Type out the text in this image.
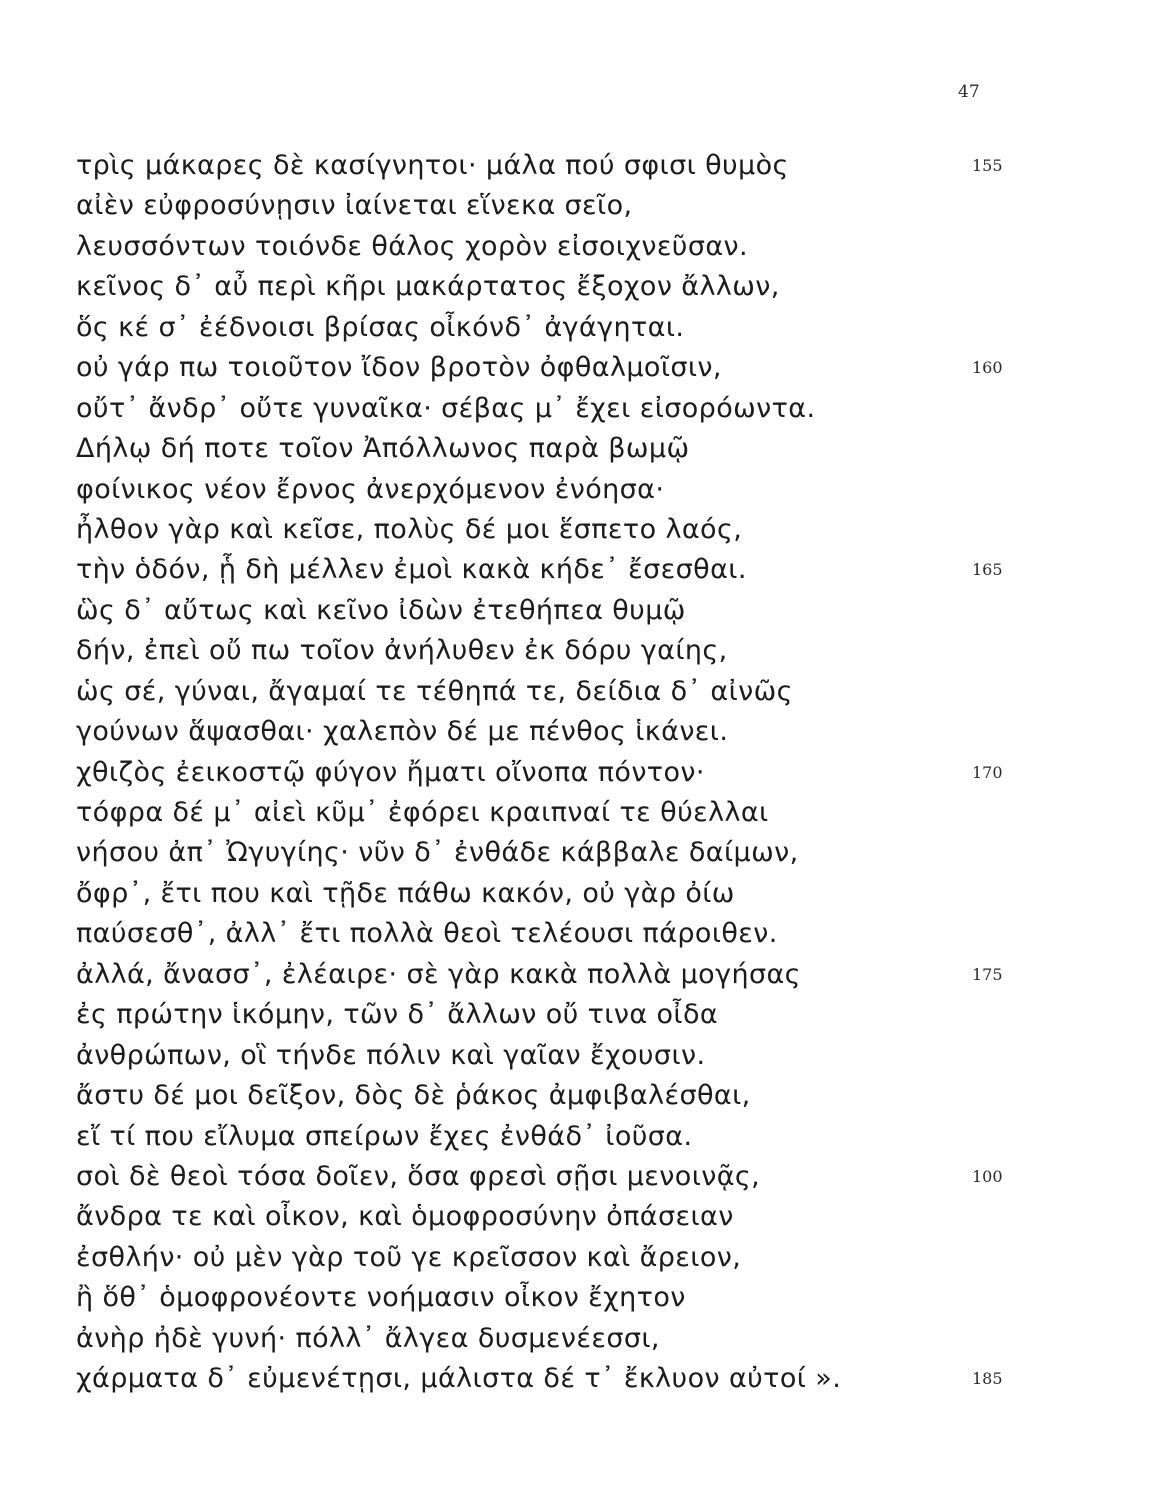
47
τρὶς μάκαρες δὲ κασίγνητοι· μάλα πού σφισι θυμὸς	155
αἰὲν εὐφροσύνῃσιν ἰαίνεται εἵνεκα σεῖο,
λευσσόντων τοιόνδε θάλος χορὸν εἰσοιχνεῦσαν.
κεῖνος δ᾽ αὖ περὶ κῆρι μακάρτατος ἔξοχον ἄλλων,
ὅς κέ σ᾽ ἐέδνοισι βρίσας οἶκόνδ᾽ ἀγάγηται.
οὐ γάρ πω τοιοῦτον ἴδον βροτὸν ὀφθαλμοῖσιν,	160
οὔτ᾽ ἄνδρ᾽ οὔτε γυναῖκα· σέβας μ᾽ ἔχει εἰσορόωντα.
Δήλῳ δή ποτε τοῖον Ἀπόλλωνος παρὰ βωμῷ
φοίνικος νέον ἔρνος ἀνερχόμενον ἐνόησα·
ἦλθον γὰρ καὶ κεῖσε, πολὺς δέ μοι ἕσπετο λαός,
τὴν ὁδόν, ᾗ δὴ μέλλεν ἐμοὶ κακὰ κήδε᾽ ἔσεσθαι.	165
ὣς δ᾽ αὔτως καὶ κεῖνο ἰδὼν ἐτεθήπεα θυμῷ
δήν, ἐπεὶ οὔ πω τοῖον ἀνήλυθεν ἐκ δόρυ γαίης,
ὡς σέ, γύναι, ἄγαμαί τε τέθηπά τε, δείδια δ᾽ αἰνῶς
γούνων ἅψασθαι· χαλεπὸν δέ με πένθος ἱκάνει.
χθιζὸς ἐεικοστῷ φύγον ἤματι οἴνοπα πόντον·	170
τόφρα δέ μ᾽ αἰεὶ κῦμ᾽ ἐφόρει κραιπναί τε θύελλαι
νήσου ἀπ᾽ Ὠγυγίης· νῦν δ᾽ ἐνθάδε κάββαλε δαίμων,
ὄφρ᾽, ἔτι που καὶ τῇδε πάθω κακόν, οὐ γὰρ ὀίω
παύσεσθ᾽, ἀλλ᾽ ἔτι πολλὰ θεοὶ τελέουσι πάροιθεν.
ἀλλά, ἄνασσ᾽, ἐλέαιρε· σὲ γὰρ κακὰ πολλὰ μογήσας	175
ἐς πρώτην ἱκόμην, τῶν δ᾽ ἄλλων οὔ τινα οἶδα
ἀνθρώπων, οἳ τήνδε πόλιν καὶ γαῖαν ἔχουσιν.
ἄστυ δέ μοι δεῖξον, δὸς δὲ ῥάκος ἀμφιβαλέσθαι,
εἴ τί που εἴλυμα σπείρων ἔχες ἐνθάδ᾽ ἰοῦσα.
σοὶ δὲ θεοὶ τόσα δοῖεν, ὅσα φρεσὶ σῇσι μενοινᾷς,	100
ἄνδρα τε καὶ οἶκον, καὶ ὁμοφροσύνην ὀπάσειαν
ἐσθλήν· οὐ μὲν γὰρ τοῦ γε κρεῖσσον καὶ ἄρειον,
ἢ ὅθ᾽ ὁμοφρονέοντε νοήμασιν οἶκον ἔχητον
ἀνὴρ ἠδὲ γυνή· πόλλ᾽ ἄλγεα δυσμενέεσσι,
χάρματα δ᾽ εὐμενέτῃσι, μάλιστα δέ τ᾽ ἔκλυον αὐτοί ».	185
